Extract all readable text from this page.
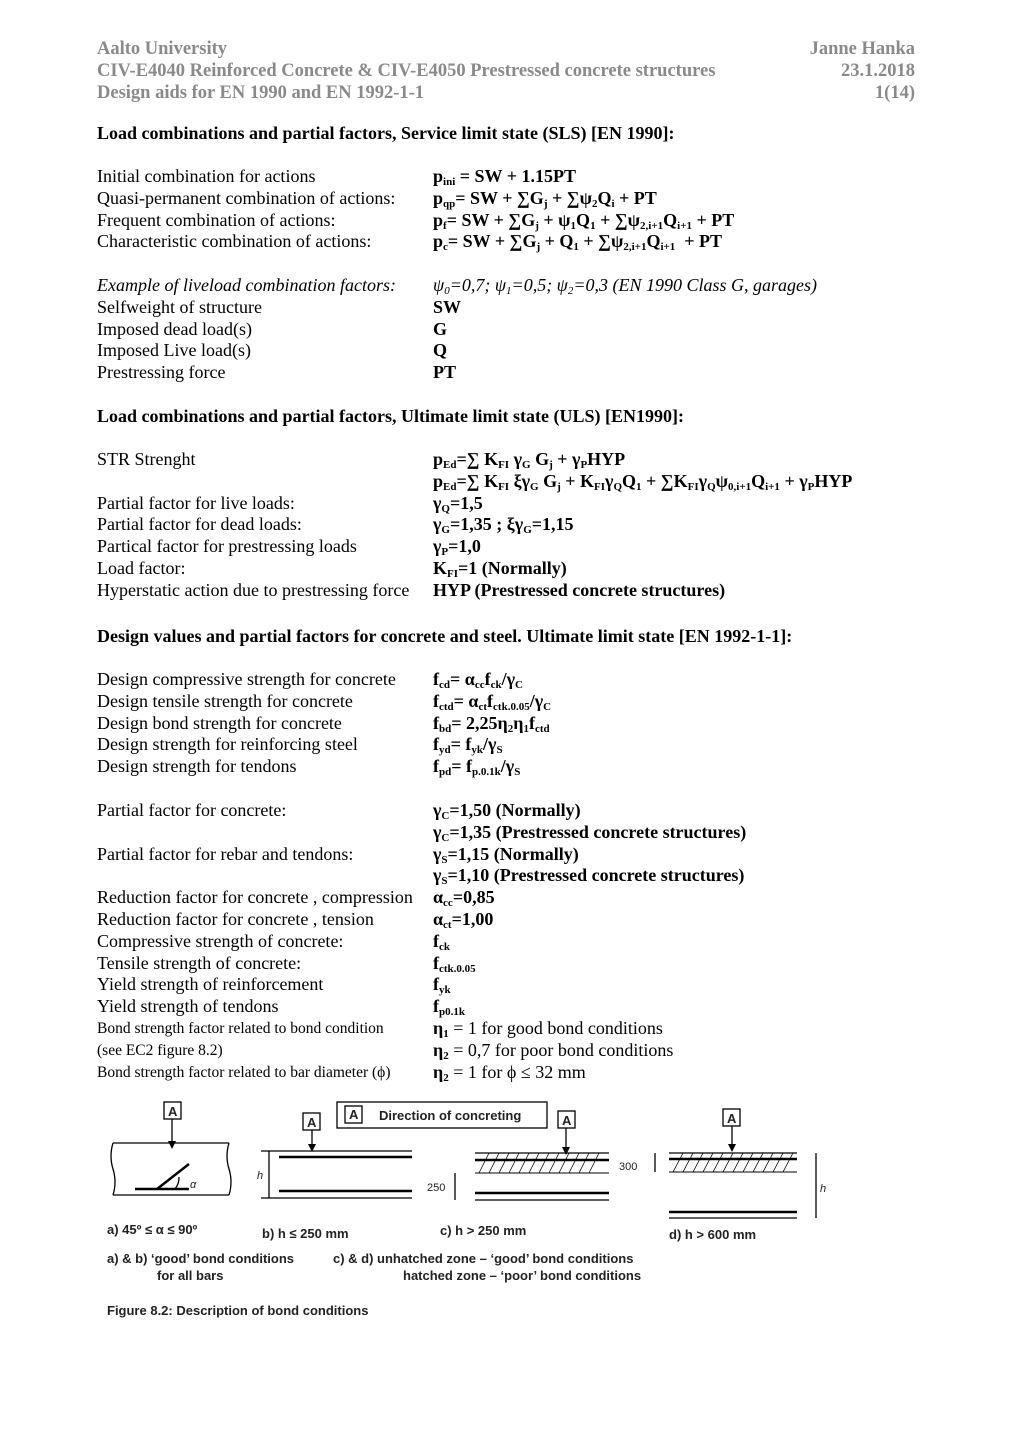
Aalto University	Janne Hanka
CIV-E4040 Reinforced Concrete & CIV-E4050 Prestressed concrete structures	23.1.2018
Design aids for EN 1990 and EN 1992-1-1	1(14)
Load combinations and partial factors, Service limit state (SLS) [EN 1990]:
Initial combination for actions	$p_{ini}$ = SW + 1.15PT
Quasi-permanent combination of actions: $p_{qp}=$ SW + $\sum G_j + \sum\psi_2Q_i$ + PT
Frequent combination of actions:	$p_f=$ SW + $\sum G_j + \psi_1Q_1 + \sum\psi_{2,i+1}Q_{i+1}$ + PT
Characteristic combination of actions:	$p_c=$ SW + $\sum G_j + Q_1 + \sum\psi_{2,i+1}Q_{i+1}$  + PT
Example of liveload combination factors: $\psi_0=0,7$; $\psi_1=0,5$; $\psi_2=0,3$ (EN 1990 Class G, garages)
Selfweight of structure	SW
Imposed dead load(s)	G
Imposed Live load(s)	Q
Prestressing force	PT
Load combinations and partial factors, Ultimate limit state (ULS) [EN1990]:
STR Strenght	$p_{Ed}=\sum$ $K_{FI}$ $\gamma_G$ $G_j + \gamma_PHYP$
$p_{Ed}=\sum$ $K_{FI}$ $\xi\gamma_G$ $G_j + K_{FI}\gamma_QQ_1 + \sum K_{FI}\gamma_Q\psi_{0,i+1}Q_{i+1} + \gamma_PHYP$
Partial factor for live loads:	$\gamma_Q=1,5$
Partial factor for dead loads:	$\gamma_G=1,35$ ; $\xi\gamma_G=1,15$
Partical factor for prestressing loads	$\gamma_P=1,0$
Load factor:	$K_{FI}=1$ (Normally)
Hyperstatic action due to prestressing force HYP (Prestressed concrete structures)
Design values and partial factors for concrete and steel. Ultimate limit state [EN 1992-1-1]:
Design compressive strength for concrete $f_{cd}= \alpha_{cc}f_{ck}/\gamma_C$
Design tensile strength for concrete	$f_{ctd}= \alpha_{ct}f_{ctk.0.05}/\gamma_C$
Design bond strength for concrete	$f_{bd}= 2,25\eta_2\eta_1f_{ctd}$
Design strength for reinforcing steel	$f_{yd}= f_{yk}/\gamma_S$
Design strength for tendons	$f_{pd}= f_{p.0.1k}/\gamma_S$
Partial factor for concrete:	$\gamma_C=1,50$ (Normally)
$\gamma_C=1,35$ (Prestressed concrete structures)
Partial factor for rebar and tendons:	$\gamma_S=1,15$ (Normally)
$\gamma_S=1,10$ (Prestressed concrete structures)
Reduction factor for concrete , compression $\alpha_{cc}=0,85$
Reduction factor for concrete , tension	$\alpha_{ct}=1,00$
Compressive strength of concrete:	$f_{ck}$
Tensile strength of concrete:	$f_{ctk.0.05}$
Yield strength of reinforcement	$f_{yk}$
Yield strength of tendons	$f_{p0.1k}$
Bond strength factor related to bond condition	$\eta_1 = 1$ for good bond conditions
(see EC2 figure 8.2)	$\eta_2 = 0,7$ for poor bond conditions
Bond strength factor related to bar diameter (ϕ) $\eta_2 = 1$ for ϕ ≤ 32 mm
A
A
A	A	A
Direction of concreting
h
250
300
h
α
a) 45º ≤ α ≤ 90º	b) h ≤ 250 mm	c) h > 250 mm	d) h > 600 mm
a) & b) ‘good’ bond conditions
for all bars
c) & d) unhatched zone – ‘good’ bond conditions
hatched zone – ‘poor’ bond conditions
Figure 8.2: Description of bond conditions
